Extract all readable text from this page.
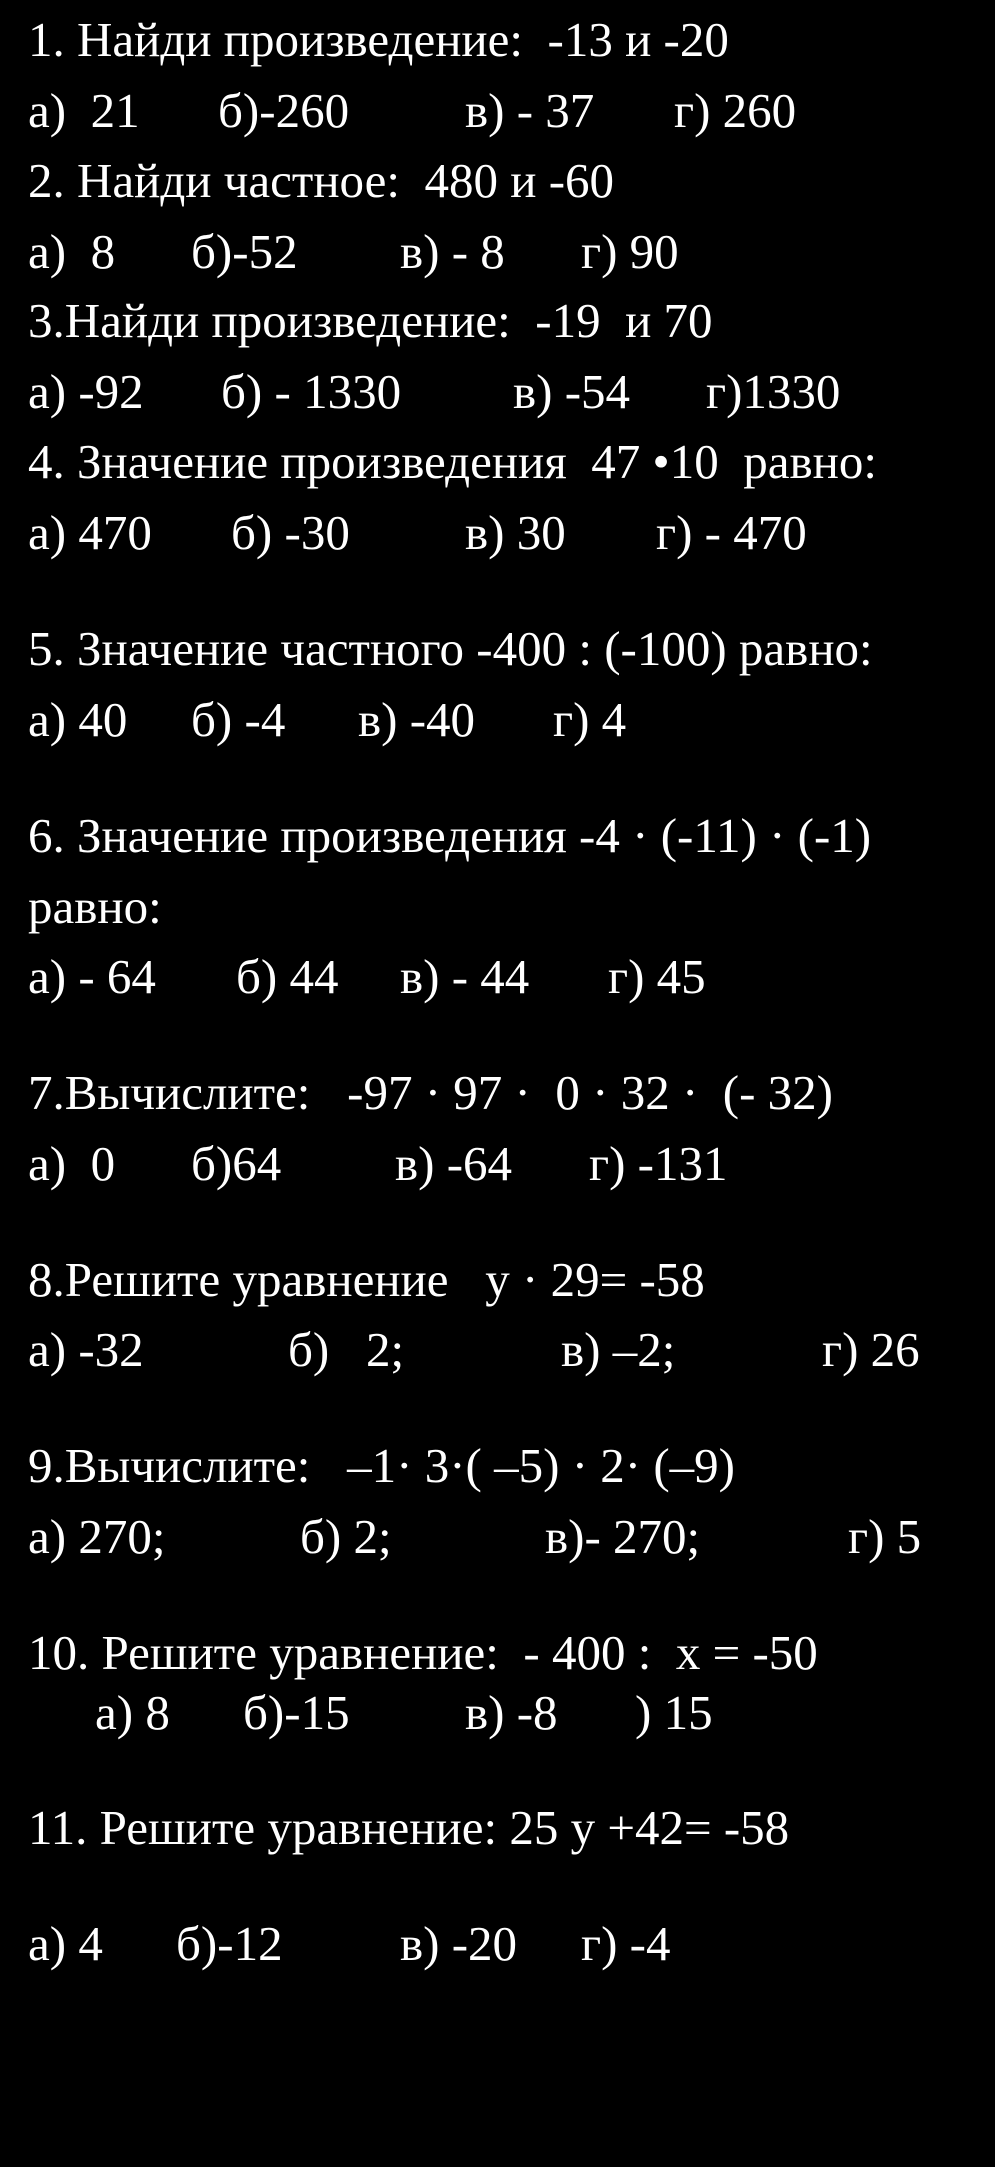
1. Найди произведение:  -13 и -20

а)  21

б)-260

в) - 37

г) 260

2. Найди частное:  480 и -60

а)  8

б)-52

в) - 8

г) 90

3.Найди произведение:  -19  и 70

а) -92

б) - 1330

в) -54

г)1330

4. Значение произведения  47 •10  равно:

а) 470

б) -30

в) 30

г) - 470

5. Значение частного -400 : (-100) равно:

а) 40

б) -4

в) -40

г) 4

6. Значение произведения -4 · (-11) · (-1)
равно:

а) - 64

б) 44

в) - 44

г) 45

7.Вычислите:   -97 · 97 ·  0 · 32 ·  (- 32)

а)  0

б)64

в) -64

г) -131

8.Решите уравнение   у · 29= -58

а) -32

	б)   2;

	в) –2;

	г) 26

9.Вычислите:   –1· 3·( –5) · 2· (–9)

а) 270;

	б) 2;

	в)- 270;

	г) 5

10. Решите уравнение:  - 400 :  х = -50

а) 8

б)-15

в) -8

) 15

11. Решите уравнение: 25 у +42= -58

а) 4

б)-12

в) -20

г) -4
